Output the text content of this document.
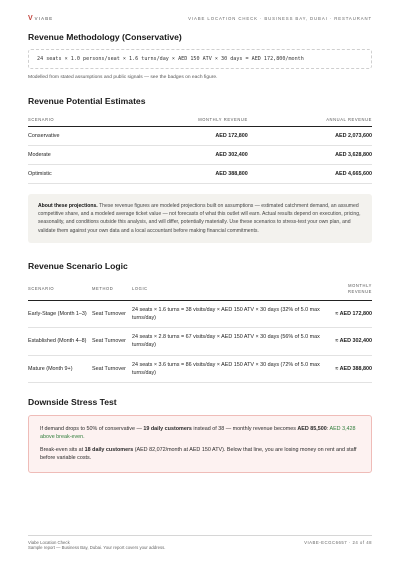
V VIABE	VIABE LOCATION CHECK · BUSINESS BAY, DUBAI · RESTAURANT
Revenue Methodology (Conservative)
24 seats × 1.0 persons/seat × 1.6 turns/day × AED 150 ATV × 30 days = AED 172,800/month

Modelled from stated assumptions and public signals — see the badges on each figure.

Revenue Potential Estimates
SCENARIO	MONTHLY REVENUE	ANNUAL REVENUE
Conservative	AED 172,800	AED 2,073,600
Moderate	AED 302,400	AED 3,628,800
Optimistic	AED 388,800	AED 4,665,600
About these projections. These revenue figures are modeled projections built on assumptions — estimated catchment demand, an assumed competitive share, and a modeled average ticket value — not forecasts of what this outlet will earn. Actual results depend on execution, pricing, seasonality, and conditions outside this analysis, and will differ, potentially materially. Use these scenarios to stress-test your own plan, and validate them against your own data and a local accountant before making financial commitments.
Revenue Scenario Logic
SCENARIO	METHOD	LOGIC	MONTHLY REVENUE
Early-Stage (Month 1–3)	Seat Turnover	24 seats × 1.6 turns = 38 visits/day × AED 150 ATV × 30 days (32% of 5.0 max turns/day)	≈ AED 172,800
Established (Month 4–8)	Seat Turnover	24 seats × 2.8 turns = 67 visits/day × AED 150 ATV × 30 days (56% of 5.0 max turns/day)	≈ AED 302,400
Mature (Month 9+)	Seat Turnover	24 seats × 3.6 turns = 86 visits/day × AED 150 ATV × 30 days (72% of 5.0 max turns/day)	≈ AED 388,800
Downside Stress Test

If demand drops to 50% of conservative — 19 daily customers instead of 38 — monthly revenue becomes AED 85,500: AED 3,428 above break-even.

Break-even sits at 18 daily customers (AED 82,072/month at AED 150 ATV). Below that line, you are losing money on rent and staff before variable costs.

Viabe Location Check
Sample report — Business Bay, Dubai. Your report covers your address.
VIABE-ECGC6657 · 24 of 48
